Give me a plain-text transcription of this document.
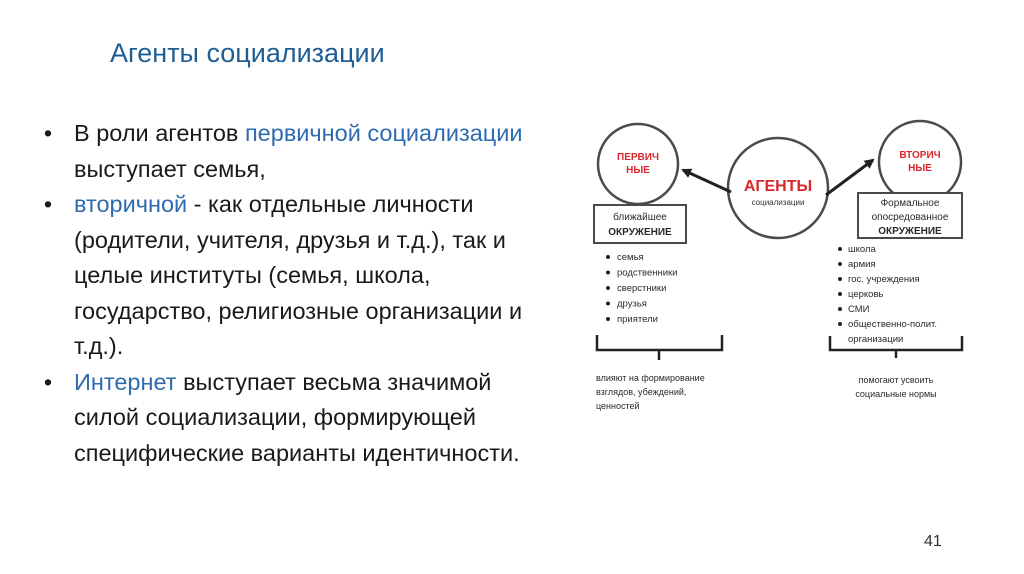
Агенты социализации
• В роли агентов первичной социализации выступает семья,
• вторичной - как отдельные личности (родители, учителя, друзья и т.д.), так и целые институты (семья, школа, государство, религиозные организации и т.д.).
• Интернет выступает весьма значимой силой социализации, формирующей специфические варианты идентичности.
ПЕРВИЧ
НЫЕ
АГЕНТЫ
социализации
ВТОРИЧ
НЫЕ
ближайшее
ОКРУЖЕНИЕ
Формальное
опосредованное
ОКРУЖЕНИЕ
семья
родственники
сверстники
друзья
приятели
школа
армия
гос. учреждения
церковь
СМИ
общественно-полит.
организации
влияют на формирование
взглядов, убеждений,
ценностей
помогают усвоить
социальные нормы
41
